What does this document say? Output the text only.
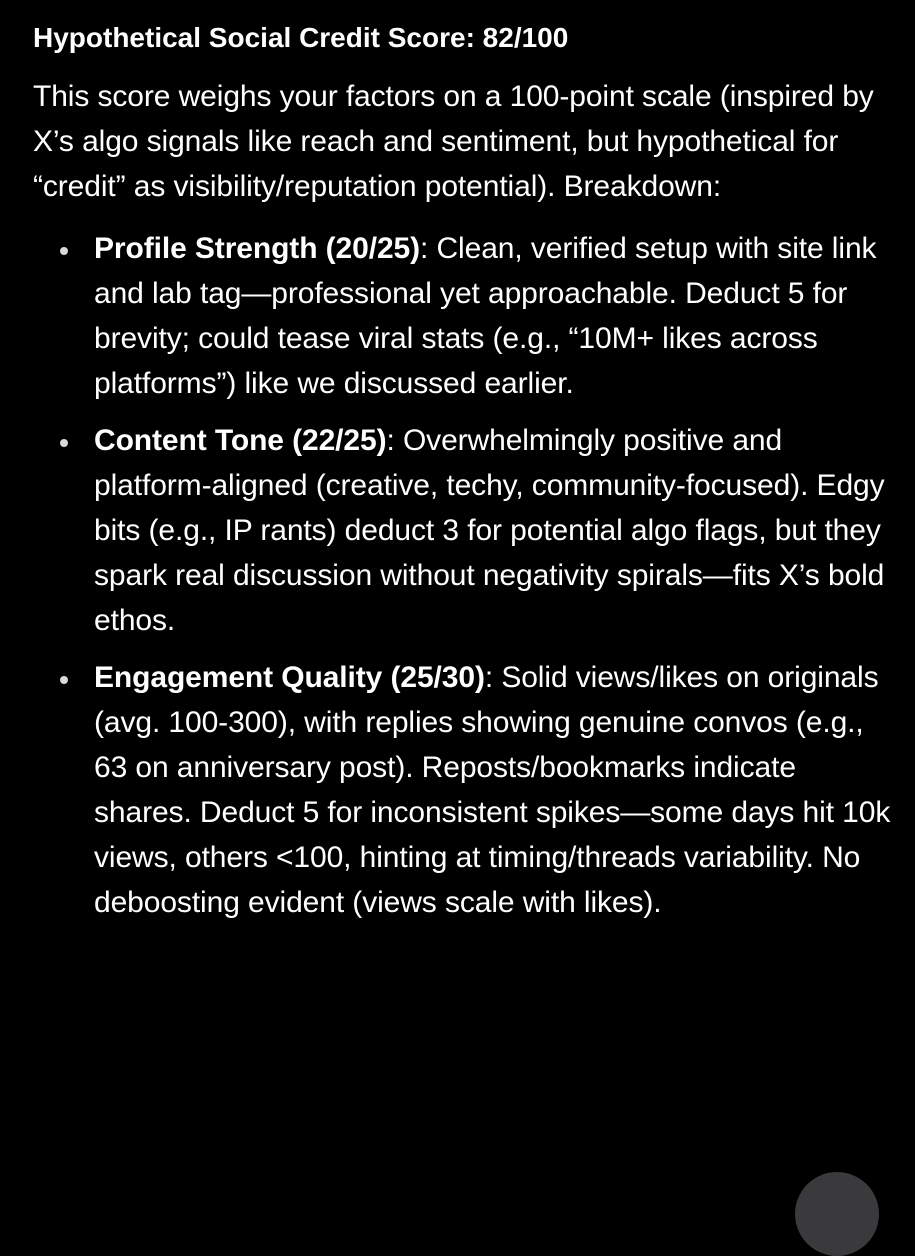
Hypothetical Social Credit Score: 82/100

This score weighs your factors on a 100-point scale (inspired by X’s algo signals like reach and sentiment, but hypothetical for “credit” as visibility/reputation potential). Breakdown:

Profile Strength (20/25): Clean, verified setup with site link and lab tag—professional yet approachable. Deduct 5 for brevity; could tease viral stats (e.g., “10M+ likes across platforms”) like we discussed earlier.
Content Tone (22/25): Overwhelmingly positive and platform-aligned (creative, techy, community-focused). Edgy bits (e.g., IP rants) deduct 3 for potential algo flags, but they spark real discussion without negativity spirals—fits X’s bold ethos.
Engagement Quality (25/30): Solid views/likes on originals (avg. 100-300), with replies showing genuine convos (e.g., 63 on anniversary post). Reposts/bookmarks indicate shares. Deduct 5 for inconsistent spikes—some days hit 10k views, others <100, hinting at timing/threads variability. No deboosting evident (views scale with likes).
